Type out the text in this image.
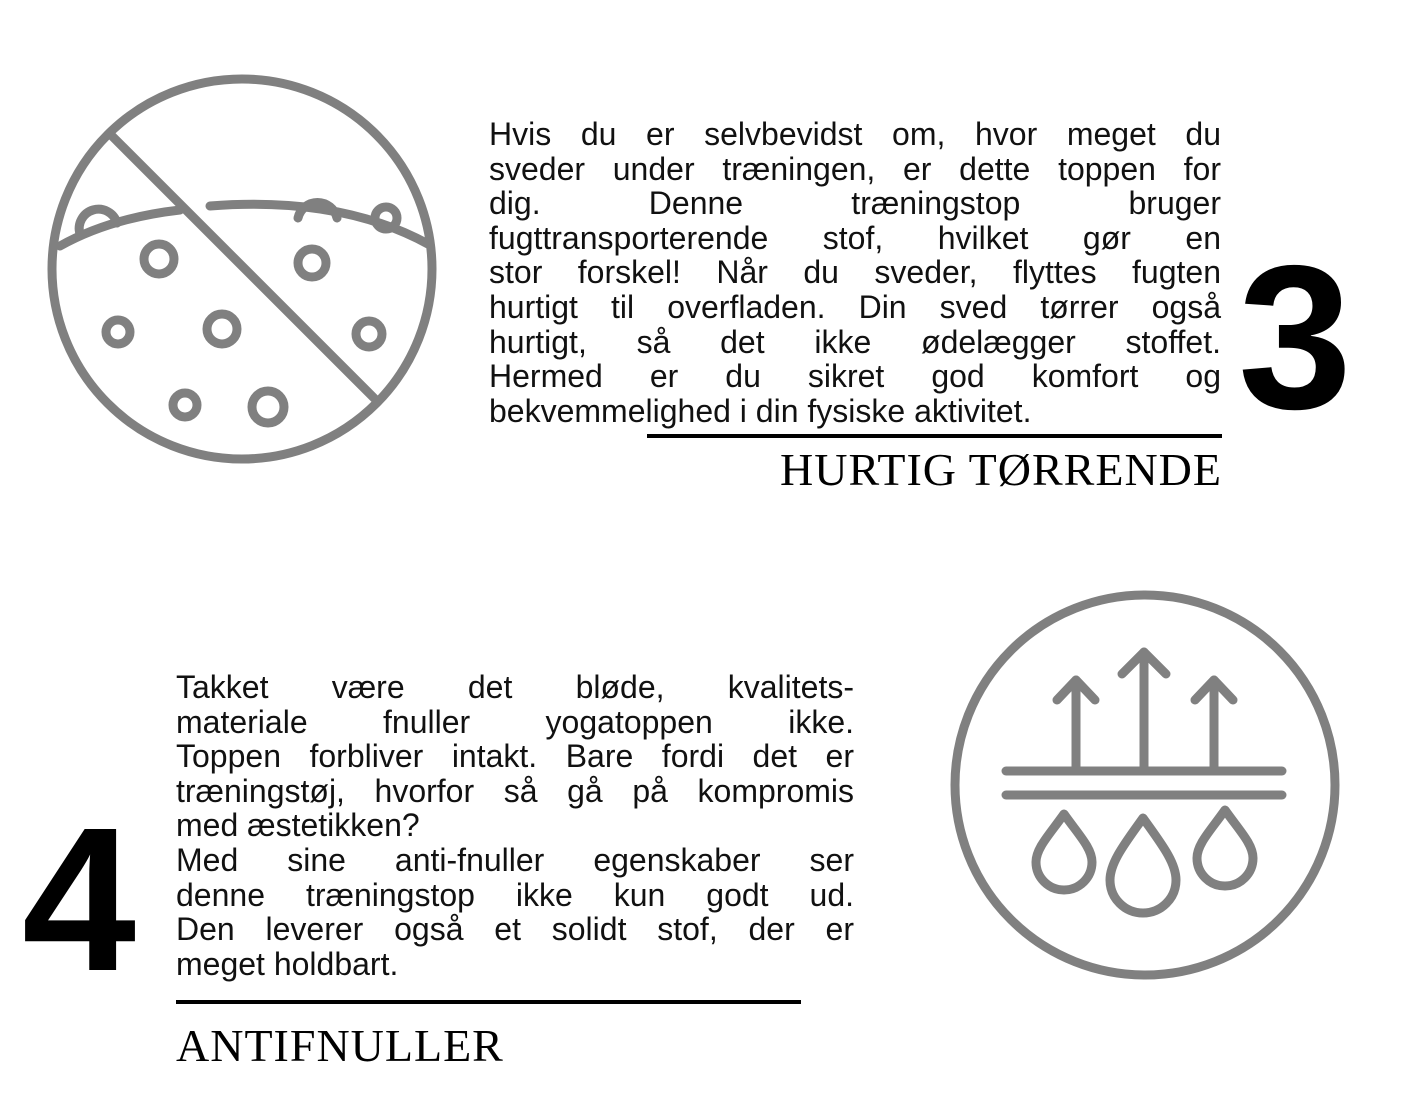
Hvis du er selvbevidst om, hvor meget du
sveder under træningen, er dette toppen for
dig. Denne træningstop bruger
fugttransporterende stof, hvilket gør en
stor forskel! Når du sveder, flyttes fugten
hurtigt til overfladen. Din sved tørrer også
hurtigt, så det ikke ødelægger stoffet.
Hermed er du sikret god komfort og
bekvemmelighed i din fysiske aktivitet.	3
HURTIG TØRRENDE
4

Takket være det bløde, kvalitets-
materiale fnuller yogatoppen ikke.
Toppen forbliver intakt. Bare fordi det er
træningstøj, hvorfor så gå på kompromis
med æstetikken?
Med sine anti-fnuller egenskaber ser
denne træningstop ikke kun godt ud.
Den leverer også et solidt stof, der er
meget holdbart.

ANTIFNULLER
